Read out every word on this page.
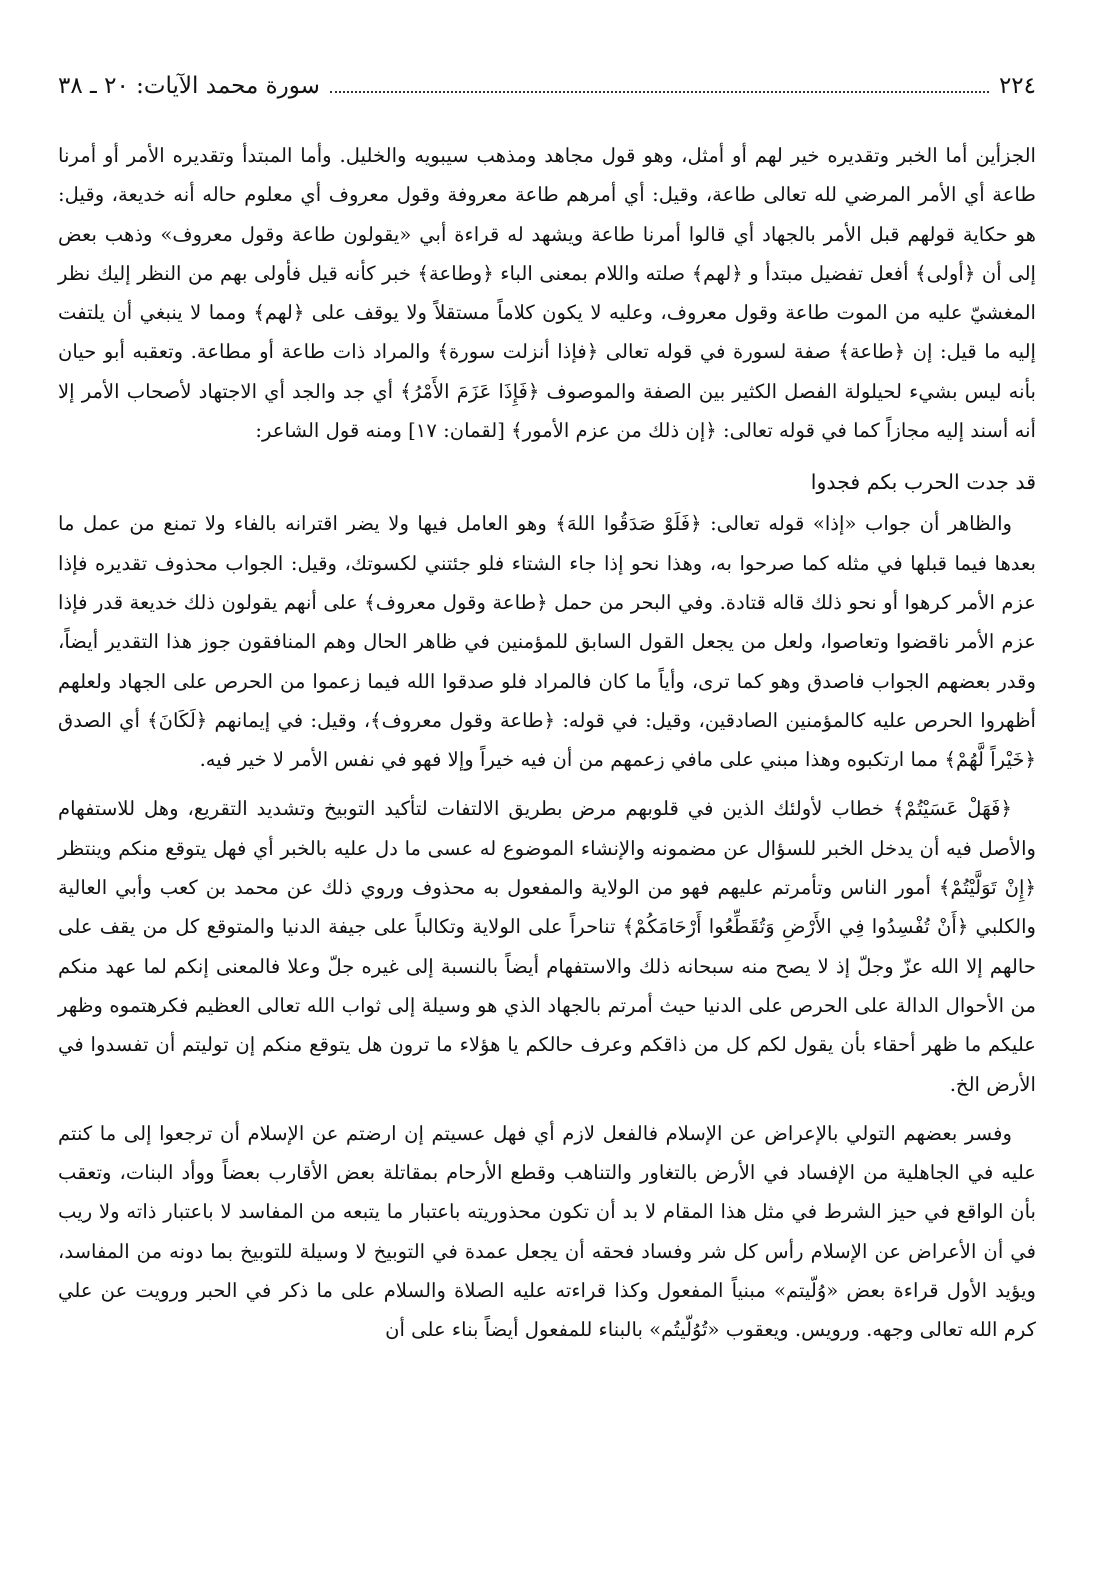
٢٢٤
سورة محمد الآيات: ٢٠ ـ ٣٨

الجزأين أما الخبر وتقديره خير لهم أو أمثل، وهو قول مجاهد ومذهب سيبويه والخليل. وأما المبتدأ وتقديره الأمر أو أمرنا طاعة أي الأمر المرضي لله تعالى طاعة، وقيل: أي أمرهم طاعة معروفة وقول معروف أي معلوم حاله أنه خديعة، وقيل: هو حكاية قولهم قبل الأمر بالجهاد أي قالوا أمرنا طاعة ويشهد له قراءة أبي «يقولون طاعة وقول معروف» وذهب بعض إلى أن ﴿أولى﴾ أفعل تفضيل مبتدأ و ﴿لهم﴾ صلته واللام بمعنى الباء ﴿وطاعة﴾ خبر كأنه قيل فأولى بهم من النظر إليك نظر المغشيّ عليه من الموت طاعة وقول معروف، وعليه لا يكون كلاماً مستقلاً ولا يوقف على ﴿لهم﴾ ومما لا ينبغي أن يلتفت إليه ما قيل: إن ﴿طاعة﴾ صفة لسورة في قوله تعالى ﴿فإذا أنزلت سورة﴾ والمراد ذات طاعة أو مطاعة. وتعقبه أبو حيان بأنه ليس بشيء لحيلولة الفصل الكثير بين الصفة والموصوف ﴿فَإِذَا عَزَمَ الأَمْرُ﴾ أي جد والجد أي الاجتهاد لأصحاب الأمر إلا أنه أسند إليه مجازاً كما في قوله تعالى: ﴿إن ذلك من عزم الأمور﴾ [لقمان: ١٧] ومنه قول الشاعر:

قد جدت الحرب بكم فجدوا

والظاهر أن جواب «إذا» قوله تعالى: ﴿فَلَوْ صَدَقُوا اللهَ﴾ وهو العامل فيها ولا يضر اقترانه بالفاء ولا تمنع من عمل ما بعدها فيما قبلها في مثله كما صرحوا به، وهذا نحو إذا جاء الشتاء فلو جئتني لكسوتك، وقيل: الجواب محذوف تقديره فإذا عزم الأمر كرهوا أو نحو ذلك قاله قتادة. وفي البحر من حمل ﴿طاعة وقول معروف﴾ على أنهم يقولون ذلك خديعة قدر فإذا عزم الأمر ناقضوا وتعاصوا، ولعل من يجعل القول السابق للمؤمنين في ظاهر الحال وهم المنافقون جوز هذا التقدير أيضاً، وقدر بعضهم الجواب فاصدق وهو كما ترى، وأياً ما كان فالمراد فلو صدقوا الله فيما زعموا من الحرص على الجهاد ولعلهم أظهروا الحرص عليه كالمؤمنين الصادقين، وقيل: في قوله: ﴿طاعة وقول معروف﴾، وقيل: في إيمانهم ﴿لَكَانَ﴾ أي الصدق ﴿خَيْراً لَّهُمْ﴾ مما ارتكبوه وهذا مبني على مافي زعمهم من أن فيه خيراً وإلا فهو في نفس الأمر لا خير فيه.

﴿فَهَلْ عَسَيْتُمْ﴾ خطاب لأولئك الذين في قلوبهم مرض بطريق الالتفات لتأكيد التوبيخ وتشديد التقريع، وهل للاستفهام والأصل فيه أن يدخل الخبر للسؤال عن مضمونه والإنشاء الموضوع له عسى ما دل عليه بالخبر أي فهل يتوقع منكم وينتظر ﴿إِنْ تَوَلَّيْتُمْ﴾ أمور الناس وتأمرتم عليهم فهو من الولاية والمفعول به محذوف وروي ذلك عن محمد بن كعب وأبي العالية والكلبي ﴿أَنْ تُفْسِدُوا فِي الأَرْضِ وَتُقَطِّعُوا أَرْحَامَكُمْ﴾ تناحراً على الولاية وتكالباً على جيفة الدنيا والمتوقع كل من يقف على حالهم إلا الله عزّ وجلّ إذ لا يصح منه سبحانه ذلك والاستفهام أيضاً بالنسبة إلى غيره جلّ وعلا فالمعنى إنكم لما عهد منكم من الأحوال الدالة على الحرص على الدنيا حيث أمرتم بالجهاد الذي هو وسيلة إلى ثواب الله تعالى العظيم فكرهتموه وظهر عليكم ما ظهر أحقاء بأن يقول لكم كل من ذاقكم وعرف حالكم يا هؤلاء ما ترون هل يتوقع منكم إن توليتم أن تفسدوا في الأرض الخ.

وفسر بعضهم التولي بالإعراض عن الإسلام فالفعل لازم أي فهل عسيتم إن ارضتم عن الإسلام أن ترجعوا إلى ما كنتم عليه في الجاهلية من الإفساد في الأرض بالتغاور والتناهب وقطع الأرحام بمقاتلة بعض الأقارب بعضاً ووأد البنات، وتعقب بأن الواقع في حيز الشرط في مثل هذا المقام لا بد أن تكون محذوريته باعتبار ما يتبعه من المفاسد لا باعتبار ذاته ولا ريب في أن الأعراض عن الإسلام رأس كل شر وفساد فحقه أن يجعل عمدة في التوبيخ لا وسيلة للتوبيخ بما دونه من المفاسد، ويؤيد الأول قراءة بعض «وُلّيتم» مبنياً المفعول وكذا قراءته عليه الصلاة والسلام على ما ذكر في الحبر ورويت عن علي كرم الله تعالى وجهه. ورويس. ويعقوب «تُوُلّيتُم» بالبناء للمفعول أيضاً بناء على أن
